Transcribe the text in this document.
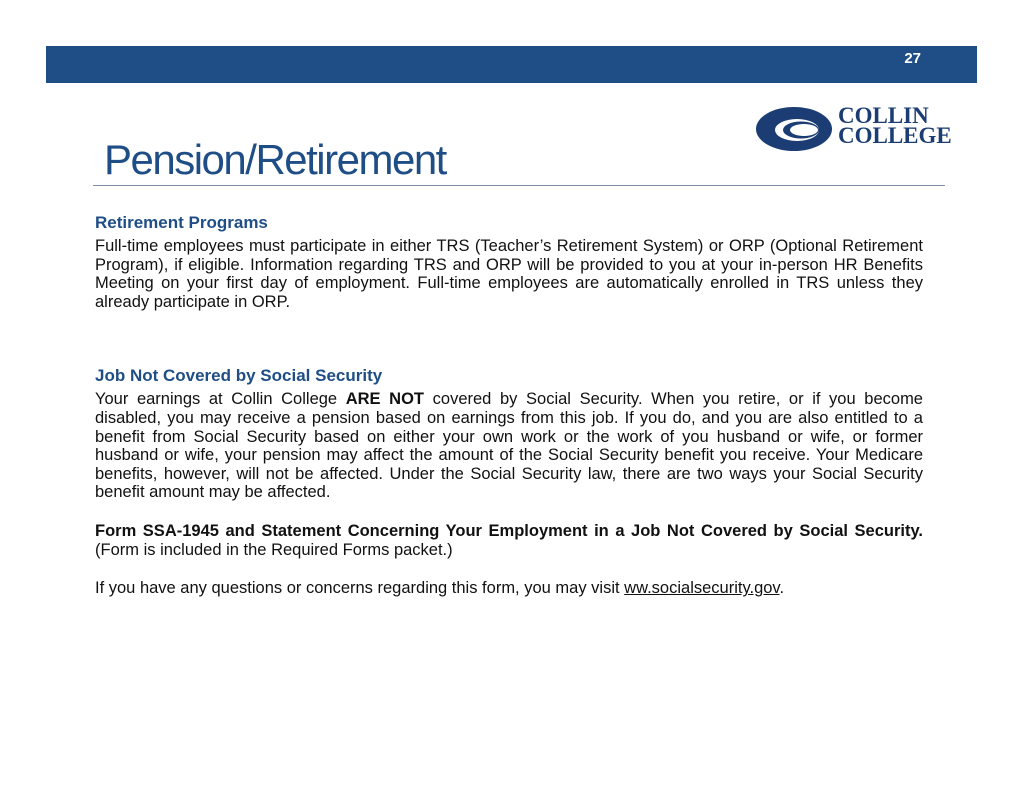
27
COLLIN
COLLEGE
Pension/Retirement
Retirement Programs

Full-time employees must participate in either TRS (Teacher’s Retirement System) or ORP (Optional Retirement Program), if eligible. Information regarding TRS and ORP will be provided to you at your in-person HR Benefits Meeting on your first day of employment. Full-time employees are automatically enrolled in TRS unless they already participate in ORP.

Job Not Covered by Social Security

Your earnings at Collin College ARE NOT covered by Social Security. When you retire, or if you become disabled, you may receive a pension based on earnings from this job. If you do, and you are also entitled to a benefit from Social Security based on either your own work or the work of you husband or wife, or former husband or wife, your pension may affect the amount of the Social Security benefit you receive. Your Medicare benefits, however, will not be affected. Under the Social Security law, there are two ways your Social Security benefit amount may be affected.

Form SSA-1945 and Statement Concerning Your Employment in a Job Not Covered by Social Security. (Form is included in the Required Forms packet.)

If you have any questions or concerns regarding this form, you may visit ww.socialsecurity.gov.
